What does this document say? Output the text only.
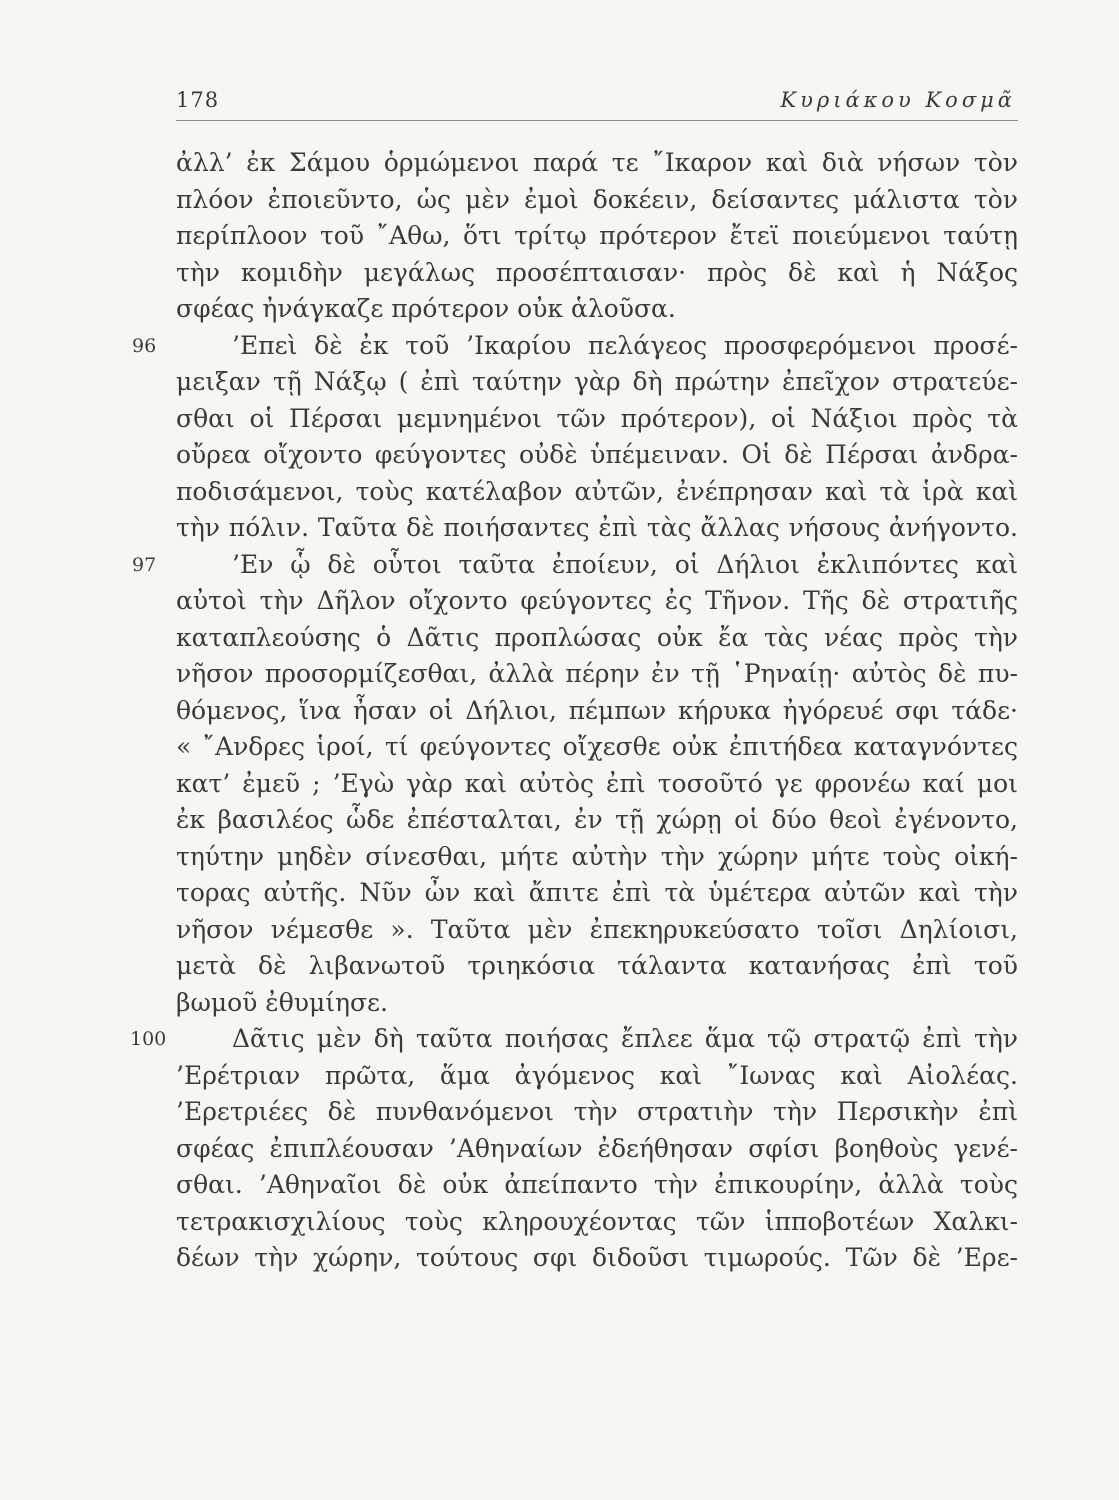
178	Κυριάκου Κοσμᾶ
ἀλλ’ ἐκ Σάμου ὁρμώμενοι παρά τε ῎Ικαρον καὶ διὰ νήσων τὸν
πλόον ἐποιεῦντο, ὡς μὲν ἐμοὶ δοκέειν, δείσαντες μάλιστα τὸν
περίπλοον τοῦ ῎Αθω, ὅτι τρίτῳ πρότερον ἔτεϊ ποιεύμενοι ταύτῃ
τὴν κομιδὴν μεγάλως προσέπταισαν· πρὸς δὲ καὶ ἡ Νάξος
σφέας ἠνάγκαζε πρότερον οὐκ ἁλοῦσα.
96	’Επεὶ δὲ ἐκ τοῦ ’Ικαρίου πελάγεος προσφερόμενοι προσέ-
μειξαν τῇ Νάξῳ ( ἐπὶ ταύτην γὰρ δὴ πρώτην ἐπεῖχον στρατεύε-
σθαι οἱ Πέρσαι μεμνημένοι τῶν πρότερον), οἱ Νάξιοι πρὸς τὰ
οὔρεα οἴχοντο φεύγοντες οὐδὲ ὑπέμειναν. Οἱ δὲ Πέρσαι ἀνδρα-
ποδισάμενοι, τοὺς κατέλαβον αὐτῶν, ἐνέπρησαν καὶ τὰ ἱρὰ καὶ
τὴν πόλιν. Ταῦτα δὲ ποιήσαντες ἐπὶ τὰς ἄλλας νήσους ἀνήγοντο.
97	’Εν ᾧ δὲ οὗτοι ταῦτα ἐποίευν, οἱ Δήλιοι ἐκλιπόντες καὶ
αὐτοὶ τὴν Δῆλον οἴχοντο φεύγοντες ἐς Τῆνον. Τῆς δὲ στρατιῆς
καταπλεούσης ὁ Δᾶτις προπλώσας οὐκ ἔα τὰς νέας πρὸς τὴν
νῆσον προσορμίζεσθαι, ἀλλὰ πέρην ἐν τῇ ῾Ρηναίῃ· αὐτὸς δὲ πυ-
θόμενος, ἵνα ἦσαν οἱ Δήλιοι, πέμπων κήρυκα ἠγόρευέ σφι τάδε·
« ῎Ανδρες ἱροί, τί φεύγοντες οἴχεσθε οὐκ ἐπιτήδεα καταγνόντες
κατ’ ἐμεῦ ; ’Εγὼ γὰρ καὶ αὐτὸς ἐπὶ τοσοῦτό γε φρονέω καί μοι
ἐκ βασιλέος ὧδε ἐπέσταλται, ἐν τῇ χώρῃ οἱ δύο θεοὶ ἐγένοντο,
τηύτην μηδὲν σίνεσθαι, μήτε αὐτὴν τὴν χώρην μήτε τοὺς οἰκή-
τορας αὐτῆς. Νῦν ὦν καὶ ἄπιτε ἐπὶ τὰ ὑμέτερα αὐτῶν καὶ τὴν
νῆσον νέμεσθε ». Ταῦτα μὲν ἐπεκηρυκεύσατο τοῖσι Δηλίοισι,
μετὰ δὲ λιβανωτοῦ τριηκόσια τάλαντα κατανήσας ἐπὶ τοῦ
βωμοῦ ἐθυμίησε.
100	Δᾶτις μὲν δὴ ταῦτα ποιήσας ἔπλεε ἅμα τῷ στρατῷ ἐπὶ τὴν
’Ερέτριαν πρῶτα, ἅμα ἀγόμενος καὶ ῎Ιωνας καὶ Αἰολέας.
’Ερετριέες δὲ πυνθανόμενοι τὴν στρατιὴν τὴν Περσικὴν ἐπὶ
σφέας ἐπιπλέουσαν ’Αθηναίων ἐδεήθησαν σφίσι βοηθοὺς γενέ-
σθαι. ’Αθηναῖοι δὲ οὐκ ἀπείπαντο τὴν ἐπικουρίην, ἀλλὰ τοὺς
τετρακισχιλίους τοὺς κληρουχέοντας τῶν ἱπποβοτέων Χαλκι-
δέων τὴν χώρην, τούτους σφι διδοῦσι τιμωρούς. Τῶν δὲ ’Ερε-
